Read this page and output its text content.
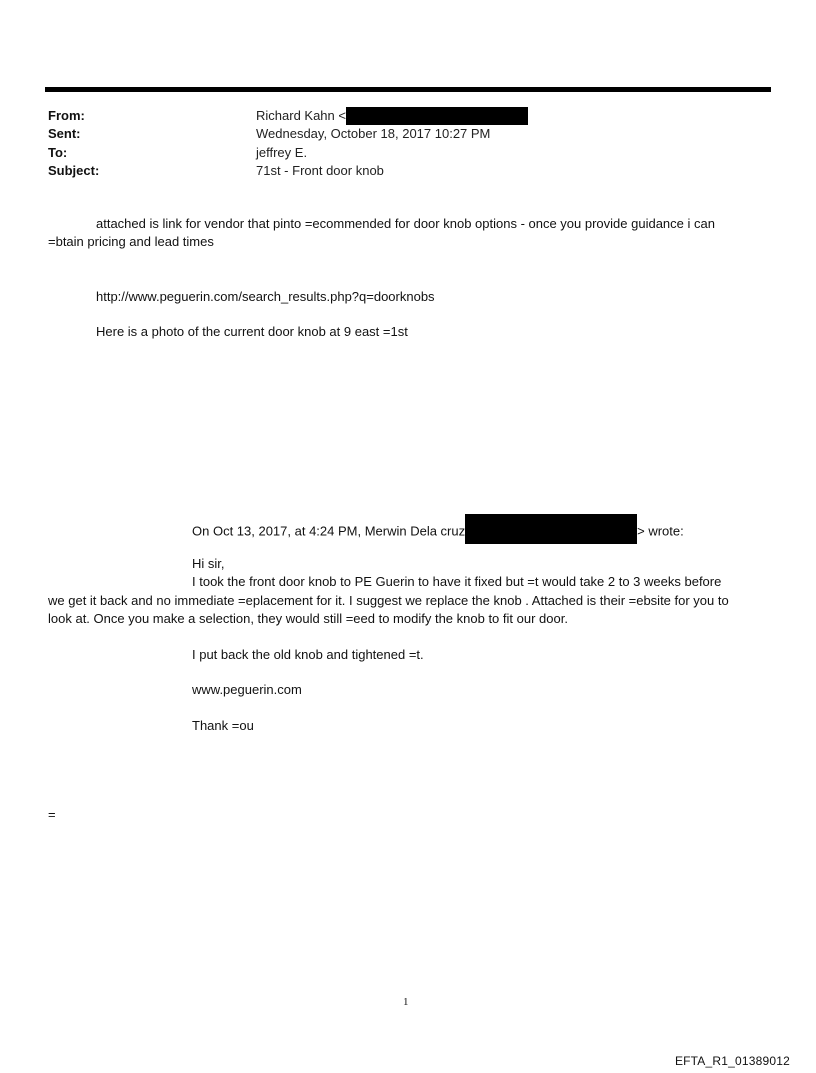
From:	Richard Kahn <
Sent:	Wednesday, October 18, 2017 10:27 PM
To:	jeffrey E.
Subject:	71st - Front door knob
attached is link for vendor that pinto =ecommended for door knob options - once you provide guidance i can
=btain pricing and lead times
http://www.peguerin.com/search_results.php?q=doorknobs
Here is a photo of the current door knob at 9 east =1st
On Oct 13, 2017, at 4:24 PM, Merwin Dela cruz	> wrote:
Hi sir,
I took the front door knob to PE Guerin to have it fixed but =t would take 2 to 3 weeks before
we get it back and no immediate =eplacement for it. I suggest we replace the knob . Attached is their =ebsite for you to
look at. Once you make a selection, they would still =eed to modify the knob to fit our door.
I put back the old knob and tightened =t.
www.peguerin.com
Thank =ou
=
1
EFTA_R1_01389012
